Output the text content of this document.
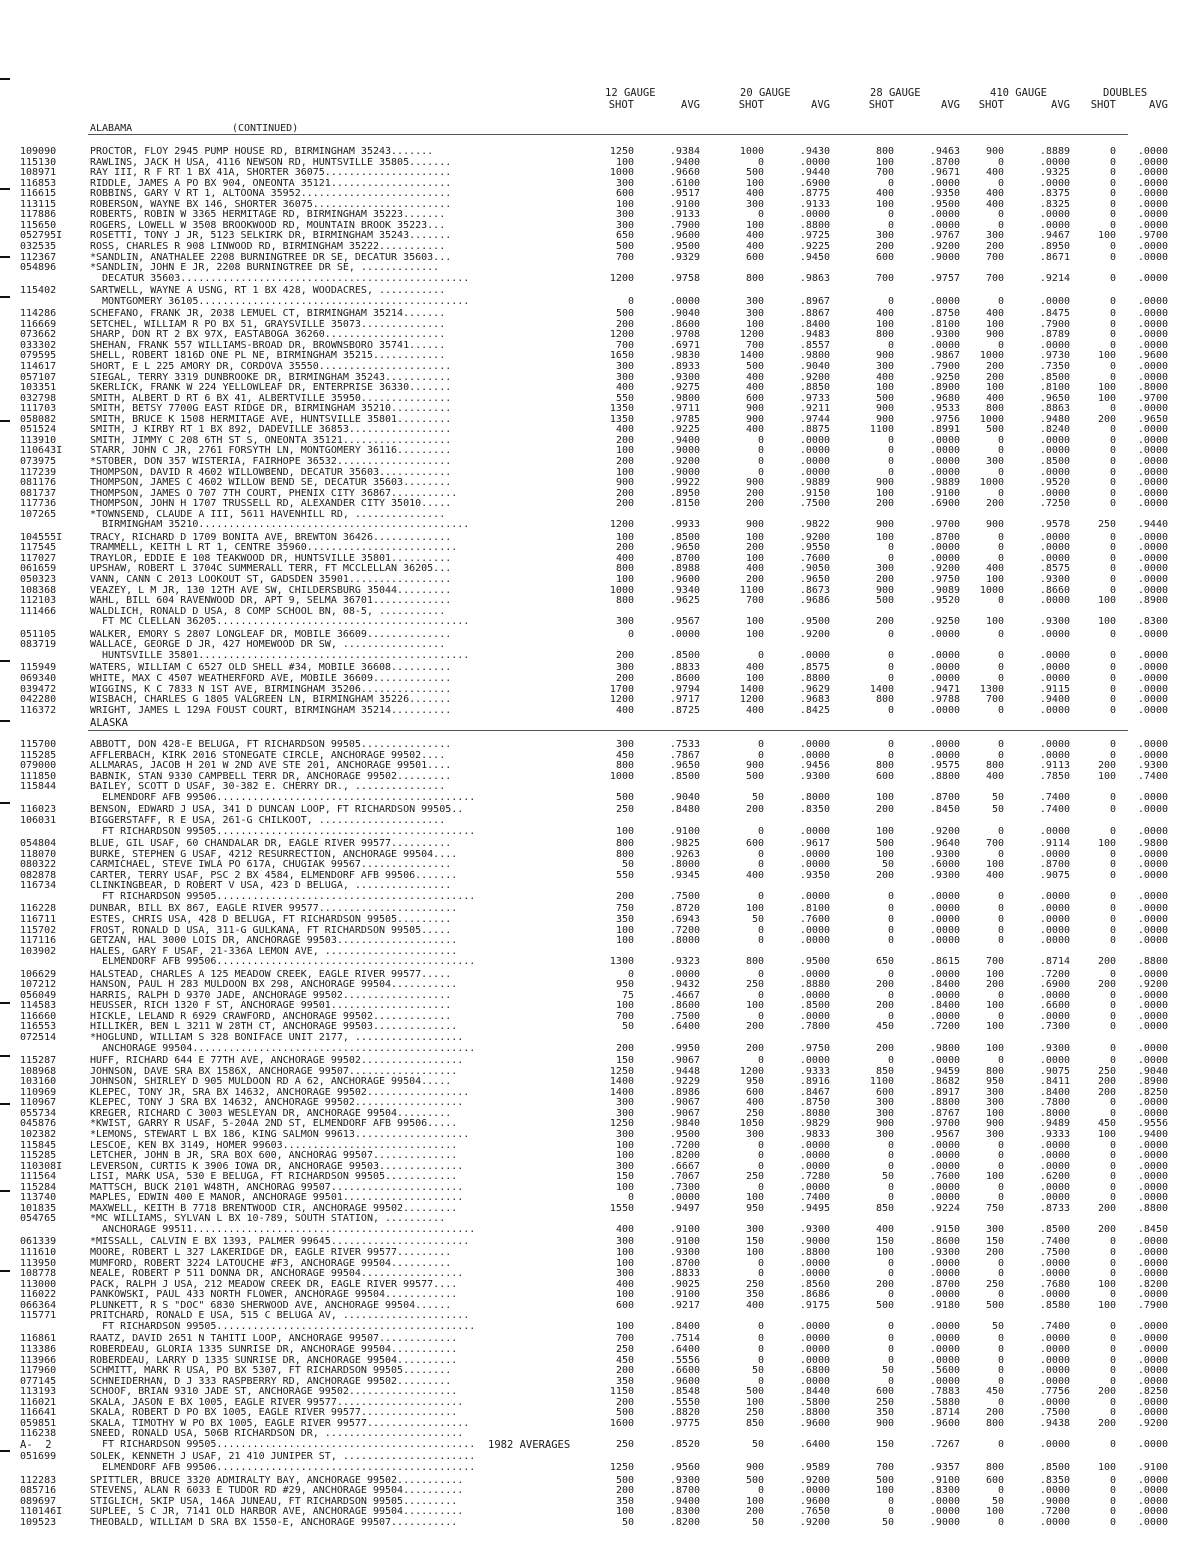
ALABAMA	(CONTINUED)
12 GAUGE
SHOT	AVG
20 GAUGE
SHOT	AVG
28 GAUGE
SHOT	AVG
410 GAUGE
SHOT	AVG
DOUBLES
SHOT	AVG
109090	PROCTOR, FLOY 2945 PUMP HOUSE RD, BIRMINGHAM 35243.......	1250	.9384	1000	.9430	800	.9463	900	.8889	0	.0000
115130	RAWLINS, JACK H USA, 4116 NEWSON RD, HUNTSVILLE 35805.......	100	.9400	0	.0000	100	.8700	0	.0000	0	.0000
108971	RAY III, R F RT 1 BX 41A, SHORTER 36075.....................	1000	.9660	500	.9440	700	.9671	400	.9325	0	.0000
116853	RIDDLE, JAMES A PO BX 904, ONEONTA 35121....................	300	.6100	100	.6900	0	.0000	0	.0000	0	.0000
116615	ROBBINS, GARY V RT 1, ALTOONA 35952.........................	600	.9517	400	.8775	400	.9350	400	.8375	0	.0000
113115	ROBERSON, WAYNE BX 146, SHORTER 36075.......................	100	.9100	300	.9133	100	.9500	400	.8325	0	.0000
117886	ROBERTS, ROBIN W 3365 HERMITAGE RD, BIRMINGHAM 35223.......	300	.9133	0	.0000	0	.0000	0	.0000	0	.0000
115650	ROGERS, LOWELL W 3508 BROOKWOOD RD, MOUNTAIN BROOK 35223...	300	.7900	100	.8800	0	.0000	0	.0000	0	.0000
052795I	ROSETTI, TONY J JR, 5123 SELKIRK DR, BIRMINGHAM 35243.......	650	.9600	400	.9725	300	.9767	300	.9467	100	.9700
032535	ROSS, CHARLES R 908 LINWOOD RD, BIRMINGHAM 35222...........	500	.9500	400	.9225	200	.9200	200	.8950	0	.0000
112367	*SANDLIN, ANATHALEE 2208 BURNINGTREE DR SE, DECATUR 35603...	700	.9329	600	.9450	600	.9000	700	.8671	0	.0000
054896	*SANDLIN, JOHN E JR, 2208 BURNINGTREE DR SE, .............
DECATUR 35603................................................	1200	.9758	800	.9863	700	.9757	700	.9214	0	.0000
115402	SARTWELL, WAYNE A USNG, RT 1 BX 428, WOODACRES, ...........
MONTGOMERY 36105.............................................	0	.0000	300	.8967	0	.0000	0	.0000	0	.0000
114286	SCHEFANO, FRANK JR, 2038 LEMUEL CT, BIRMINGHAM 35214.......	500	.9040	300	.8867	400	.8750	400	.8475	0	.0000
116669	SETCHEL, WILLIAM R PO BX 51, GRAYSVILLE 35073..............	200	.8600	100	.8400	100	.8100	100	.7900	0	.0000
073662	SHARP, DON RT 2 BX 97X, EASTABOGA 36260....................	1200	.9708	1200	.9483	800	.9300	900	.8789	0	.0000
033302	SHEHAN, FRANK 557 WILLIAMS-BROAD DR, BROWNSBORO 35741......	700	.6971	700	.8557	0	.0000	0	.0000	0	.0000
079595	SHELL, ROBERT 1816D ONE PL NE, BIRMINGHAM 35215............	1650	.9830	1400	.9800	900	.9867	1000	.9730	100	.9600
114617	SHORT, E L 225 AMORY DR, CORDOVA 35550......................	300	.8933	500	.9040	300	.7900	200	.7350	0	.0000
057107	SIEGAL, TERRY 3319 DUNBROOKE DR, BIRMINGHAM 35243...........	300	.9300	400	.9200	400	.9250	200	.8500	0	.0000
103351	SKERLICK, FRANK W 224 YELLOWLEAF DR, ENTERPRISE 36330.......	400	.9275	400	.8850	100	.8900	100	.8100	100	.8000
032798	SMITH, ALBERT D RT 6 BX 41, ALBERTVILLE 35950...............	550	.9800	600	.9733	500	.9680	400	.9650	100	.9700
111703	SMITH, BETSY 7700G EAST RIDGE DR, BIRMINGHAM 35210..........	1350	.9711	900	.9211	900	.9533	800	.8863	0	.0000
058082	SMITH, BRUCE K 1508 HERMITAGE AVE, HUNTSVILLE 35801.........	1350	.9785	900	.9744	900	.9756	1000	.9480	200	.9650
051524	SMITH, J KIRBY RT 1 BX 892, DADEVILLE 36853.................	400	.9225	400	.8875	1100	.8991	500	.8240	0	.0000
113910	SMITH, JIMMY C 208 6TH ST S, ONEONTA 35121..................	200	.9400	0	.0000	0	.0000	0	.0000	0	.0000
110643I	STARR, JOHN C JR, 2761 FORSYTH LN, MONTGOMERY 36116.........	100	.9000	0	.0000	0	.0000	0	.0000	0	.0000
073975	*STOBER, DON 357 WISTERIA, FAIRHOPE 36532...................	200	.9200	0	.0000	0	.0000	300	.8500	0	.0000
117239	THOMPSON, DAVID R 4602 WILLOWBEND, DECATUR 35603............	100	.9000	0	.0000	0	.0000	0	.0000	0	.0000
081176	THOMPSON, JAMES C 4602 WILLOW BEND SE, DECATUR 35603........	900	.9922	900	.9889	900	.9889	1000	.9520	0	.0000
081737	THOMPSON, JAMES O 707 7TH COURT, PHENIX CITY 36867...........	200	.8950	200	.9150	100	.9100	0	.0000	0	.0000
117736	THOMPSON, JOHN H 1707 TRUSSELL RD, ALEXANDER CITY 35010.....	200	.8150	200	.7500	200	.6900	200	.7250	0	.0000
107265	*TOWNSEND, CLAUDE A III, 5611 HAVENHILL RD, ...............
BIRMINGHAM 35210.............................................	1200	.9933	900	.9822	900	.9700	900	.9578	250	.9440
104555I	TRACY, RICHARD D 1709 BONITA AVE, BREWTON 36426.............	100	.8500	100	.9200	100	.8700	0	.0000	0	.0000
117545	TRAMMELL, KEITH L RT 1, CENTRE 35960.........................	200	.9650	200	.9550	0	.0000	0	.0000	0	.0000
117027	TRAYLOR, EDDIE E 108 TEAKWOOD DR, HUNTSVILLE 35801..........	400	.8700	100	.7600	0	.0000	0	.0000	0	.0000
061659	UPSHAW, ROBERT L 3704C SUMMERALL TERR, FT MCCLELLAN 36205...	800	.8988	400	.9050	300	.9200	400	.8575	0	.0000
050323	VANN, CANN C 2013 LOOKOUT ST, GADSDEN 35901.................	100	.9600	200	.9650	200	.9750	100	.9300	0	.0000
108368	VEAZEY, L M JR, 130 12TH AVE SW, CHILDERSBURG 35044.........	1000	.9340	1100	.8673	900	.9089	1000	.8660	0	.0000
112103	WAHL, BILL 604 RAVENWOOD DR, APT 9, SELMA 36701.............	800	.9625	700	.9686	500	.9520	0	.0000	100	.8900
111466	WALDLICH, RONALD D USA, 8 COMP SCHOOL BN, 08-5, ...........
FT MC CLELLAN 36205..........................................	300	.9567	100	.9500	200	.9250	100	.9300	100	.8300
051105	WALKER, EMORY S 2807 LONGLEAF DR, MOBILE 36609..............	0	.0000	100	.9200	0	.0000	0	.0000	0	.0000
083719	WALLACE, GEORGE D JR, 427 HOMEWOOD DR SW, .................
HUNTSVILLE 35801.............................................	200	.8500	0	.0000	0	.0000	0	.0000	0	.0000
115949	WATERS, WILLIAM C 6527 OLD SHELL #34, MOBILE 36608..........	300	.8833	400	.8575	0	.0000	0	.0000	0	.0000
069340	WHITE, MAX C 4507 WEATHERFORD AVE, MOBILE 36609.............	200	.8600	100	.8800	0	.0000	0	.0000	0	.0000
039472	WIGGINS, K C 7833 N 1ST AVE, BIRMINGHAM 35206...............	1700	.9794	1400	.9629	1400	.9471	1300	.9115	0	.0000
042280	WISBACH, CHARLES G 1805 VALGREEN LN, BIRMINGHAM 35226.......	1200	.9717	1200	.9683	800	.9788	700	.9400	0	.0000
116372	WRIGHT, JAMES L 129A FOUST COURT, BIRMINGHAM 35214..........	400	.8725	400	.8425	0	.0000	0	.0000	0	.0000
ALASKA
115700	ABBOTT, DON 428-E BELUGA, FT RICHARDSON 99505...............	300	.7533	0	.0000	0	.0000	0	.0000	0	.0000
115285	AFFLERBACH, KIRK 2016 STONEGATE CIRCLE, ANCHORAGE 99502....	450	.7867	0	.0000	0	.0000	0	.0000	0	.0000
079000	ALLMARAS, JACOB H 201 W 2ND AVE STE 201, ANCHORAGE 99501....	800	.9650	900	.9456	800	.9575	800	.9113	200	.9300
111850	BABNIK, STAN 9330 CAMPBELL TERR DR, ANCHORAGE 99502.........	1000	.8500	500	.9300	600	.8800	400	.7850	100	.7400
115844	BAILEY, SCOTT D USAF, 30-382 E. CHERRY DR., ...............
ELMENDORF AFB 99506...........................................	500	.9040	50	.8000	100	.8700	50	.7400	0	.0000
116023	BENSON, EDWARD J USA, 341 D DUNCAN LOOP, FT RICHARDSON 99505..	250	.8480	200	.8350	200	.8450	50	.7400	0	.0000
106031	BIGGERSTAFF, R E USA, 261-G CHILKOOT, .....................
FT RICHARDSON 99505...........................................	100	.9100	0	.0000	100	.9200	0	.0000	0	.0000
054804	BLUE, GIL USAF, 60 CHANDALAR DR, EAGLE RIVER 99577..........	800	.9825	600	.9617	500	.9640	700	.9114	100	.9800
118070	BURKE, STEPHEN G USAF, 4212 RESURRECTION, ANCHORAGE 99504....	800	.9263	0	.0000	100	.9300	0	.0000	0	.0000
080322	CARMICHAEL, STEVE IWLA PO 617A, CHUGIAK 99567...............	50	.8000	0	.0000	50	.6000	100	.8700	0	.0000
082878	CARTER, TERRY USAF, PSC 2 BX 4584, ELMENDORF AFB 99506.......	550	.9345	400	.9350	200	.9300	400	.9075	0	.0000
116734	CLINKINGBEAR, D ROBERT V USA, 423 D BELUGA, ................
FT RICHARDSON 99505...........................................	200	.7500	0	.0000	0	.0000	0	.0000	0	.0000
116228	DUNBAR, BILL BX 867, EAGLE RIVER 99577.......................	750	.8720	100	.8100	0	.0000	0	.0000	0	.0000
116711	ESTES, CHRIS USA, 428 D BELUGA, FT RICHARDSON 99505.........	350	.6943	50	.7600	0	.0000	0	.0000	0	.0000
115702	FROST, RONALD D USA, 311-G GULKANA, FT RICHARDSON 99505.....	100	.7200	0	.0000	0	.0000	0	.0000	0	.0000
117116	GETZAN, HAL 3000 LOIS DR, ANCHORAGE 99503....................	100	.8000	0	.0000	0	.0000	0	.0000	0	.0000
103902	HALES, GARY F USAF, 21-336A LEMON AVE, ......................
ELMENDORF AFB 99506...........................................	1300	.9323	800	.9500	650	.8615	700	.8714	200	.8800
106629	HALSTEAD, CHARLES A 125 MEADOW CREEK, EAGLE RIVER 99577.....	0	.0000	0	.0000	0	.0000	100	.7200	0	.0000
107212	HANSON, PAUL H 283 MULDOON BX 298, ANCHORAGE 99504...........	950	.9432	250	.8880	200	.8400	200	.6900	200	.9200
056049	HARRIS, RALPH D 9370 JADE, ANCHORAGE 99502..................	75	.4667	0	.0000	0	.0000	0	.0000	0	.0000
114583	HEUSSER, RICH 1320 F ST, ANCHORAGE 99501....................	100	.8600	100	.8500	200	.8400	100	.6600	0	.0000
116660	HICKLE, LELAND R 6929 CRAWFORD, ANCHORAGE 99502.............	700	.7500	0	.0000	0	.0000	0	.0000	0	.0000
116553	HILLIKER, BEN L 3211 W 28TH CT, ANCHORAGE 99503..............	50	.6400	200	.7800	450	.7200	100	.7300	0	.0000
072514	*HOGLUND, WILLIAM S 328 BONIFACE UNIT 2177, ..................
ANCHORAGE 99504...............................................	200	.9950	200	.9750	200	.9800	100	.9300	0	.0000
115287	HUFF, RICHARD 644 E 77TH AVE, ANCHORAGE 99502.................	150	.9067	0	.0000	0	.0000	0	.0000	0	.0000
108968	JOHNSON, DAVE SRA BX 1586X, ANCHORAGE 99507..................	1250	.9448	1200	.9333	850	.9459	800	.9075	250	.9040
103160	JOHNSON, SHIRLEY D 905 MULDOON RD A 62, ANCHORAGE 99504.....	1400	.9229	950	.8916	1100	.8682	950	.8411	200	.8900
110969	KLEPEC, TONY JR, SRA BX 14632, ANCHORAGE 99502.................	1400	.8986	600	.8467	600	.8917	300	.8400	200	.8250
110967	KLEPEC, TONY J SRA BX 14632, ANCHORAGE 99502..................	300	.9067	400	.8750	300	.8800	300	.7800	0	.0000
055734	KREGER, RICHARD C 3003 WESLEYAN DR, ANCHORAGE 99504.........	300	.9067	250	.8080	300	.8767	100	.8000	0	.0000
045876	*KWIST, GARRY R USAF, 5-204A 2ND ST, ELMENDORF AFB 99506.....	1250	.9840	1050	.9829	900	.9700	900	.9489	450	.9556
102382	*LEMONS, STEWART L BX 186, KING SALMON 99613...................	300	.9500	300	.9833	300	.9567	300	.9333	100	.9400
115845	LESCOE, KEN BX 3149, HOMER 99603.............................	100	.7200	0	.0000	0	.0000	0	.0000	0	.0000
115285	LETCHER, JOHN B JR, SRA BOX 600, ANCHORAG 99507..............	100	.8200	0	.0000	0	.0000	0	.0000	0	.0000
110308I	LEVERSON, CURTIS K 3906 IOWA DR, ANCHORAGE 99503..............	300	.6667	0	.0000	0	.0000	0	.0000	0	.0000
111564	LISI, MARK USA, 530 E BELUGA, FT RICHARDSON 99505............	150	.7067	250	.7280	50	.7600	100	.6200	0	.0000
115284	MATTSCH, BUCK 2101 W48TH, ANCHORAG 99507......................	100	.7300	0	.0000	0	.0000	0	.0000	0	.0000
113740	MAPLES, EDWIN 400 E MANOR, ANCHORAGE 99501....................	0	.0000	100	.7400	0	.0000	0	.0000	0	.0000
101835	MAXWELL, KEITH B 7718 BRENTWOOD CIR, ANCHORAGE 99502.........	1550	.9497	950	.9495	850	.9224	750	.8733	200	.8800
054765	*MC WILLIAMS, SYLVAN L BX 10-789, SOUTH STATION, ..........
ANCHORAGE 99511...............................................	400	.9100	300	.9300	400	.9150	300	.8500	200	.8450
061339	*MISSALL, CALVIN E BX 1393, PALMER 99645.......................	300	.9100	150	.9000	150	.8600	150	.7400	0	.0000
111610	MOORE, ROBERT L 327 LAKERIDGE DR, EAGLE RIVER 99577.........	100	.9300	100	.8800	100	.9300	200	.7500	0	.0000
113950	MUMFORD, ROBERT 3224 LATOUCHE #F3, ANCHORAGE 99504..........	100	.8700	0	.0000	0	.0000	0	.0000	0	.0000
108778	NEALE, ROBERT P 511 DONNA DR, ANCHORAGE 99504.................	300	.8833	0	.0000	0	.0000	0	.0000	0	.0000
113000	PACK, RALPH J USA, 212 MEADOW CREEK DR, EAGLE RIVER 99577....	400	.9025	250	.8560	200	.8700	250	.7680	100	.8200
116022	PANKOWSKI, PAUL 433 NORTH FLOWER, ANCHORAGE 99504............	100	.9100	350	.8686	0	.0000	0	.0000	0	.0000
066364	PLUNKETT, R S "DOC" 6830 SHERWOOD AVE, ANCHORAGE 99504......	600	.9217	400	.9175	500	.9180	500	.8580	100	.7900
115771	PRITCHARD, RONALD E USA, 515 C BELUGA AV, .....................
FT RICHARDSON 99505...........................................	100	.8400	0	.0000	0	.0000	50	.7400	0	.0000
116861	RAATZ, DAVID 2651 N TAHITI LOOP, ANCHORAGE 99507.............	700	.7514	0	.0000	0	.0000	0	.0000	0	.0000
113386	ROBERDEAU, GLORIA 1335 SUNRISE DR, ANCHORAGE 99504...........	250	.6400	0	.0000	0	.0000	0	.0000	0	.0000
113966	ROBERDEAU, LARRY D 1335 SUNRISE DR, ANCHORAGE 99504..........	450	.5556	0	.0000	0	.0000	0	.0000	0	.0000
117960	SCHMITT, MARK R USA, PO BX 5307, FT RICHARDSON 99505........	200	.6600	50	.6800	50	.5600	0	.0000	0	.0000
077145	SCHNEIDERHAN, D J 333 RASPBERRY RD, ANCHORAGE 99502.........	350	.9600	0	.0000	0	.0000	0	.0000	0	.0000
113193	SCHOOF, BRIAN 9310 JADE ST, ANCHORAGE 99502..................	1150	.8548	500	.8440	600	.7883	450	.7756	200	.8250
116021	SKALA, JASON E BX 1005, EAGLE RIVER 99577.....................	200	.5550	100	.5800	250	.5880	0	.0000	0	.0000
116641	SKALA, ROBERT D PO BX 1005, EAGLE RIVER 99577................	500	.8820	250	.8800	350	.8714	200	.7500	0	.0000
059851	SKALA, TIMOTHY W PO BX 1005, EAGLE RIVER 99577.................	1600	.9775	850	.9600	900	.9600	800	.9438	200	.9200
116238	SNEED, RONALD USA, 506B RICHARDSON DR, .......................
FT RICHARDSON 99505...........................................	250	.8520	50	.6400	150	.7267	0	.0000	0	.0000
051699	SOLEK, KENNETH J USAF, 21 410 JUNIPER ST, ......................
ELMENDORF AFB 99506...........................................	1250	.9560	900	.9589	700	.9357	800	.8500	100	.9100
112283	SPITTLER, BRUCE 3320 ADMIRALTY BAY, ANCHORAGE 99502...........	500	.9300	500	.9200	500	.9100	600	.8350	0	.0000
085716	STEVENS, ALAN R 6033 E TUDOR RD #29, ANCHORAGE 99504..........	200	.8700	0	.0000	100	.8300	0	.0000	0	.0000
089697	STIGLICH, SKIP USA, 146A JUNEAU, FT RICHARDSON 99505.........	350	.9400	100	.9600	0	.0000	50	.9000	0	.0000
110146I	SUPLEE, S C JR, 7141 OLD HARBOR AVE, ANCHORAGE 99504..........	100	.8300	200	.7650	0	.0000	100	.7200	0	.0000
109523	THEOBALD, WILLIAM D SRA BX 1550-E, ANCHORAGE 99507...........	50	.8200	50	.9200	50	.9000	0	.0000	0	.0000
A-  2	1982 AVERAGES
